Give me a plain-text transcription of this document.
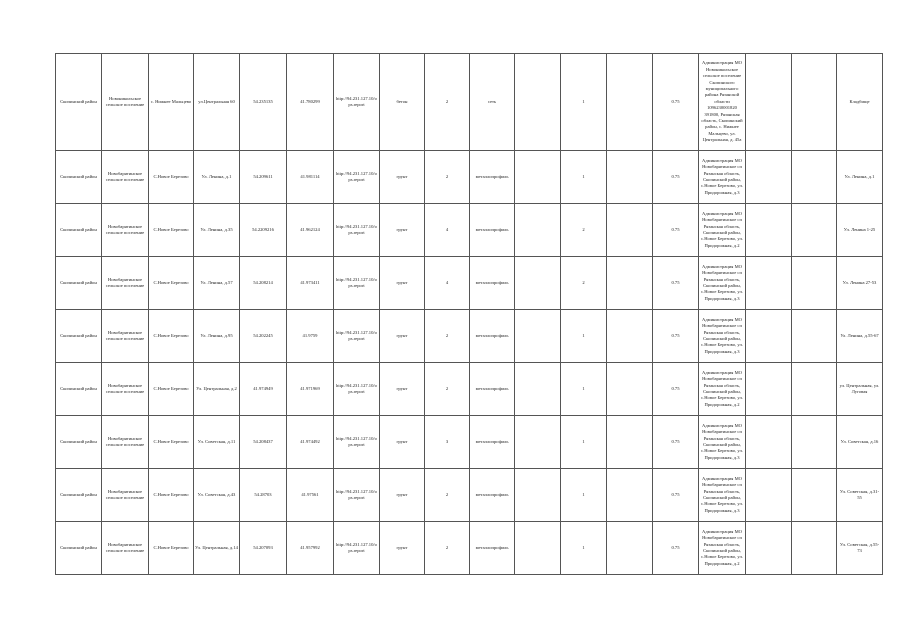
Скопинский район	Новоникольское сельское поселение	с. Нижнее Мальцево	ул.Центральная 60	54.235135	41.780299	http://94.231.127.10/ops.report	бетон	2	сеть		1		0.75	Администрация МО Новоникольское сельское поселение Скопинского муниципального района Рязанской области 1096230001820 391800, Рязанская область, Скопинский район, с. Нижнее Мальцево, ул. Центральная, д. 45а			Кладбище
Скопинский район	Новобарятинское сельское поселение	С.Новое Березово	Ул. Ленина, д.1	54.209611	41.981114	http://94.231.127.10/ops.report	грунт	2	металлопрофиль		1		0.75	Администрация МО Новобарятинское сп Рязанская область, Скопинский район, с.Новое Березово, ул. Придорожная, д.3			Ул. Ленина, д.1
Скопинский район	Новобарятинское сельское поселение	С.Новое Березово	Ул. Ленина, д.35	54.2209216	41.962124	http://94.231.127.10/ops.report	грунт	4	металлопрофиль		2		0.75	Администрация МО Новобарятинское сп Рязанская область, Скопинский район, с.Новое Березово, ул. Придорожная, д.2			Ул. Ленина 1-25
Скопинский район	Новобарятинское сельское поселение	С.Новое Березово	Ул. Ленина, д.57	54.208214	41.973411	http://94.231.127.10/ops.report	грунт	4	металлопрофиль		2		0.75	Администрация МО Новобарятинское сп Рязанская область, Скопинский район, с.Новое Березово, ул. Придорожная, д.3			Ул. Ленина 27-53
Скопинский район	Новобарятинское сельское поселение	С.Новое Березово	Ул. Ленина, д.95	54.202245	41.9759	http://94.231.127.10/ops.report	грунт	2	металлопрофиль		1		0.75	Администрация МО Новобарятинское сп Рязанская область, Скопинский район, с.Новое Березово, ул. Придорожная, д.3			Ул. Ленина, д.55-67
Скопинский район	Новобарятинское сельское поселение	С.Новое Березово	Ул. Центральная, д.2	41.974949	41.971969	http://94.231.127.10/ops.report	грунт	2	металлопрофиль		1		0.75	Администрация МО Новобарятинское сп Рязанская область, Скопинский район, с.Новое Березово, ул. Придорожная, д.2			ул. Центральная, ул. Луговая
Скопинский район	Новобарятинское сельское поселение	С.Новое Березово	Ул. Советская, д.11	54.208437	41.974492	http://94.231.127.10/ops.report	грунт	3	металлопрофиль		1		0.75	Администрация МО Новобарятинское сп Рязанская область, Скопинский район, с.Новое Березово, ул. Придорожная, д.3			Ул. Советская, д.16
Скопинский район	Новобарятинское сельское поселение	С.Новое Березово	Ул. Советская, д.43	54.28703	41.97561	http://94.231.127.10/ops.report	грунт	2	металлопрофиль		1		0.75	Администрация МО Новобарятинское сп Рязанская область, Скопинский район, с.Новое Березово, ул. Придорожная, д.3			Ул. Советская, д.31-55
Скопинский район	Новобарятинское сельское поселение	С.Новое Березово	Ул. Центральная, д.14	54.207093	41.957992	http://94.231.127.10/ops.report	грунт	2	металлопрофиль		1		0.75	Администрация МО Новобарятинское сп Рязанская область, Скопинский район, с.Новое Березово, ул. Придорожная, д.2			Ул. Советская, д.55-73
